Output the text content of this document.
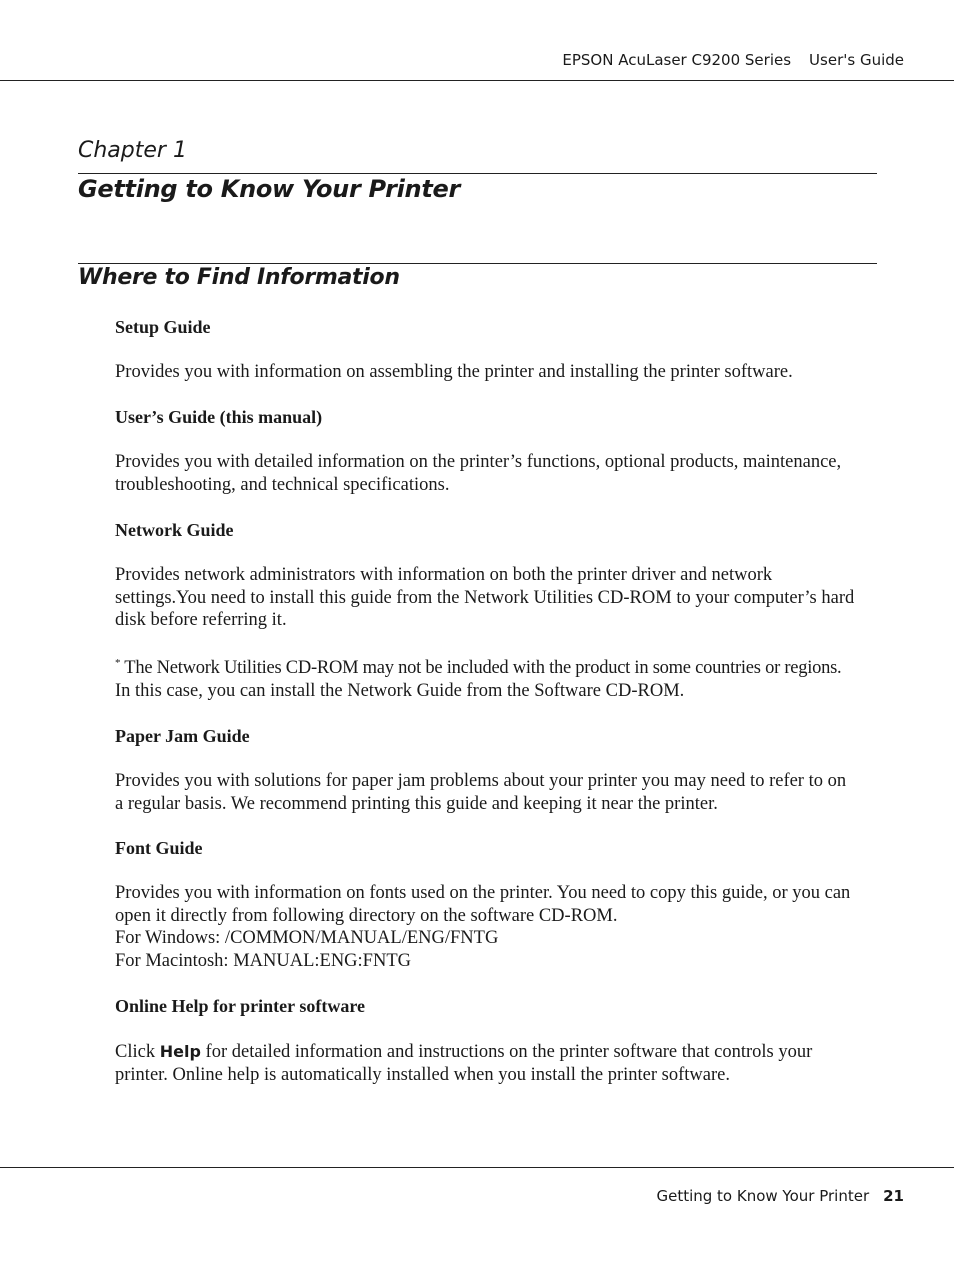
EPSON AcuLaser C9200 Series User's Guide
Chapter 1
Getting to Know Your Printer
Where to Find Information
Setup Guide

Provides you with information on assembling the printer and installing the printer software.

User’s Guide (this manual)

Provides you with detailed information on the printer’s functions, optional products, maintenance,
troubleshooting, and technical specifications.

Network Guide

Provides network administrators with information on both the printer driver and network
settings.You need to install this guide from the Network Utilities CD-ROM to your computer’s hard
disk before referring it.

* The Network Utilities CD-ROM may not be included with the product in some countries or regions.
In this case, you can install the Network Guide from the Software CD-ROM.

Paper Jam Guide

Provides you with solutions for paper jam problems about your printer you may need to refer to on
a regular basis. We recommend printing this guide and keeping it near the printer.

Font Guide

Provides you with information on fonts used on the printer. You need to copy this guide, or you can
open it directly from following directory on the software CD-ROM.
For Windows: /COMMON/MANUAL/ENG/FNTG
For Macintosh: MANUAL:ENG:FNTG

Online Help for printer software

Click Help for detailed information and instructions on the printer software that controls your
printer. Online help is automatically installed when you install the printer software.

Getting to Know Your Printer 21
